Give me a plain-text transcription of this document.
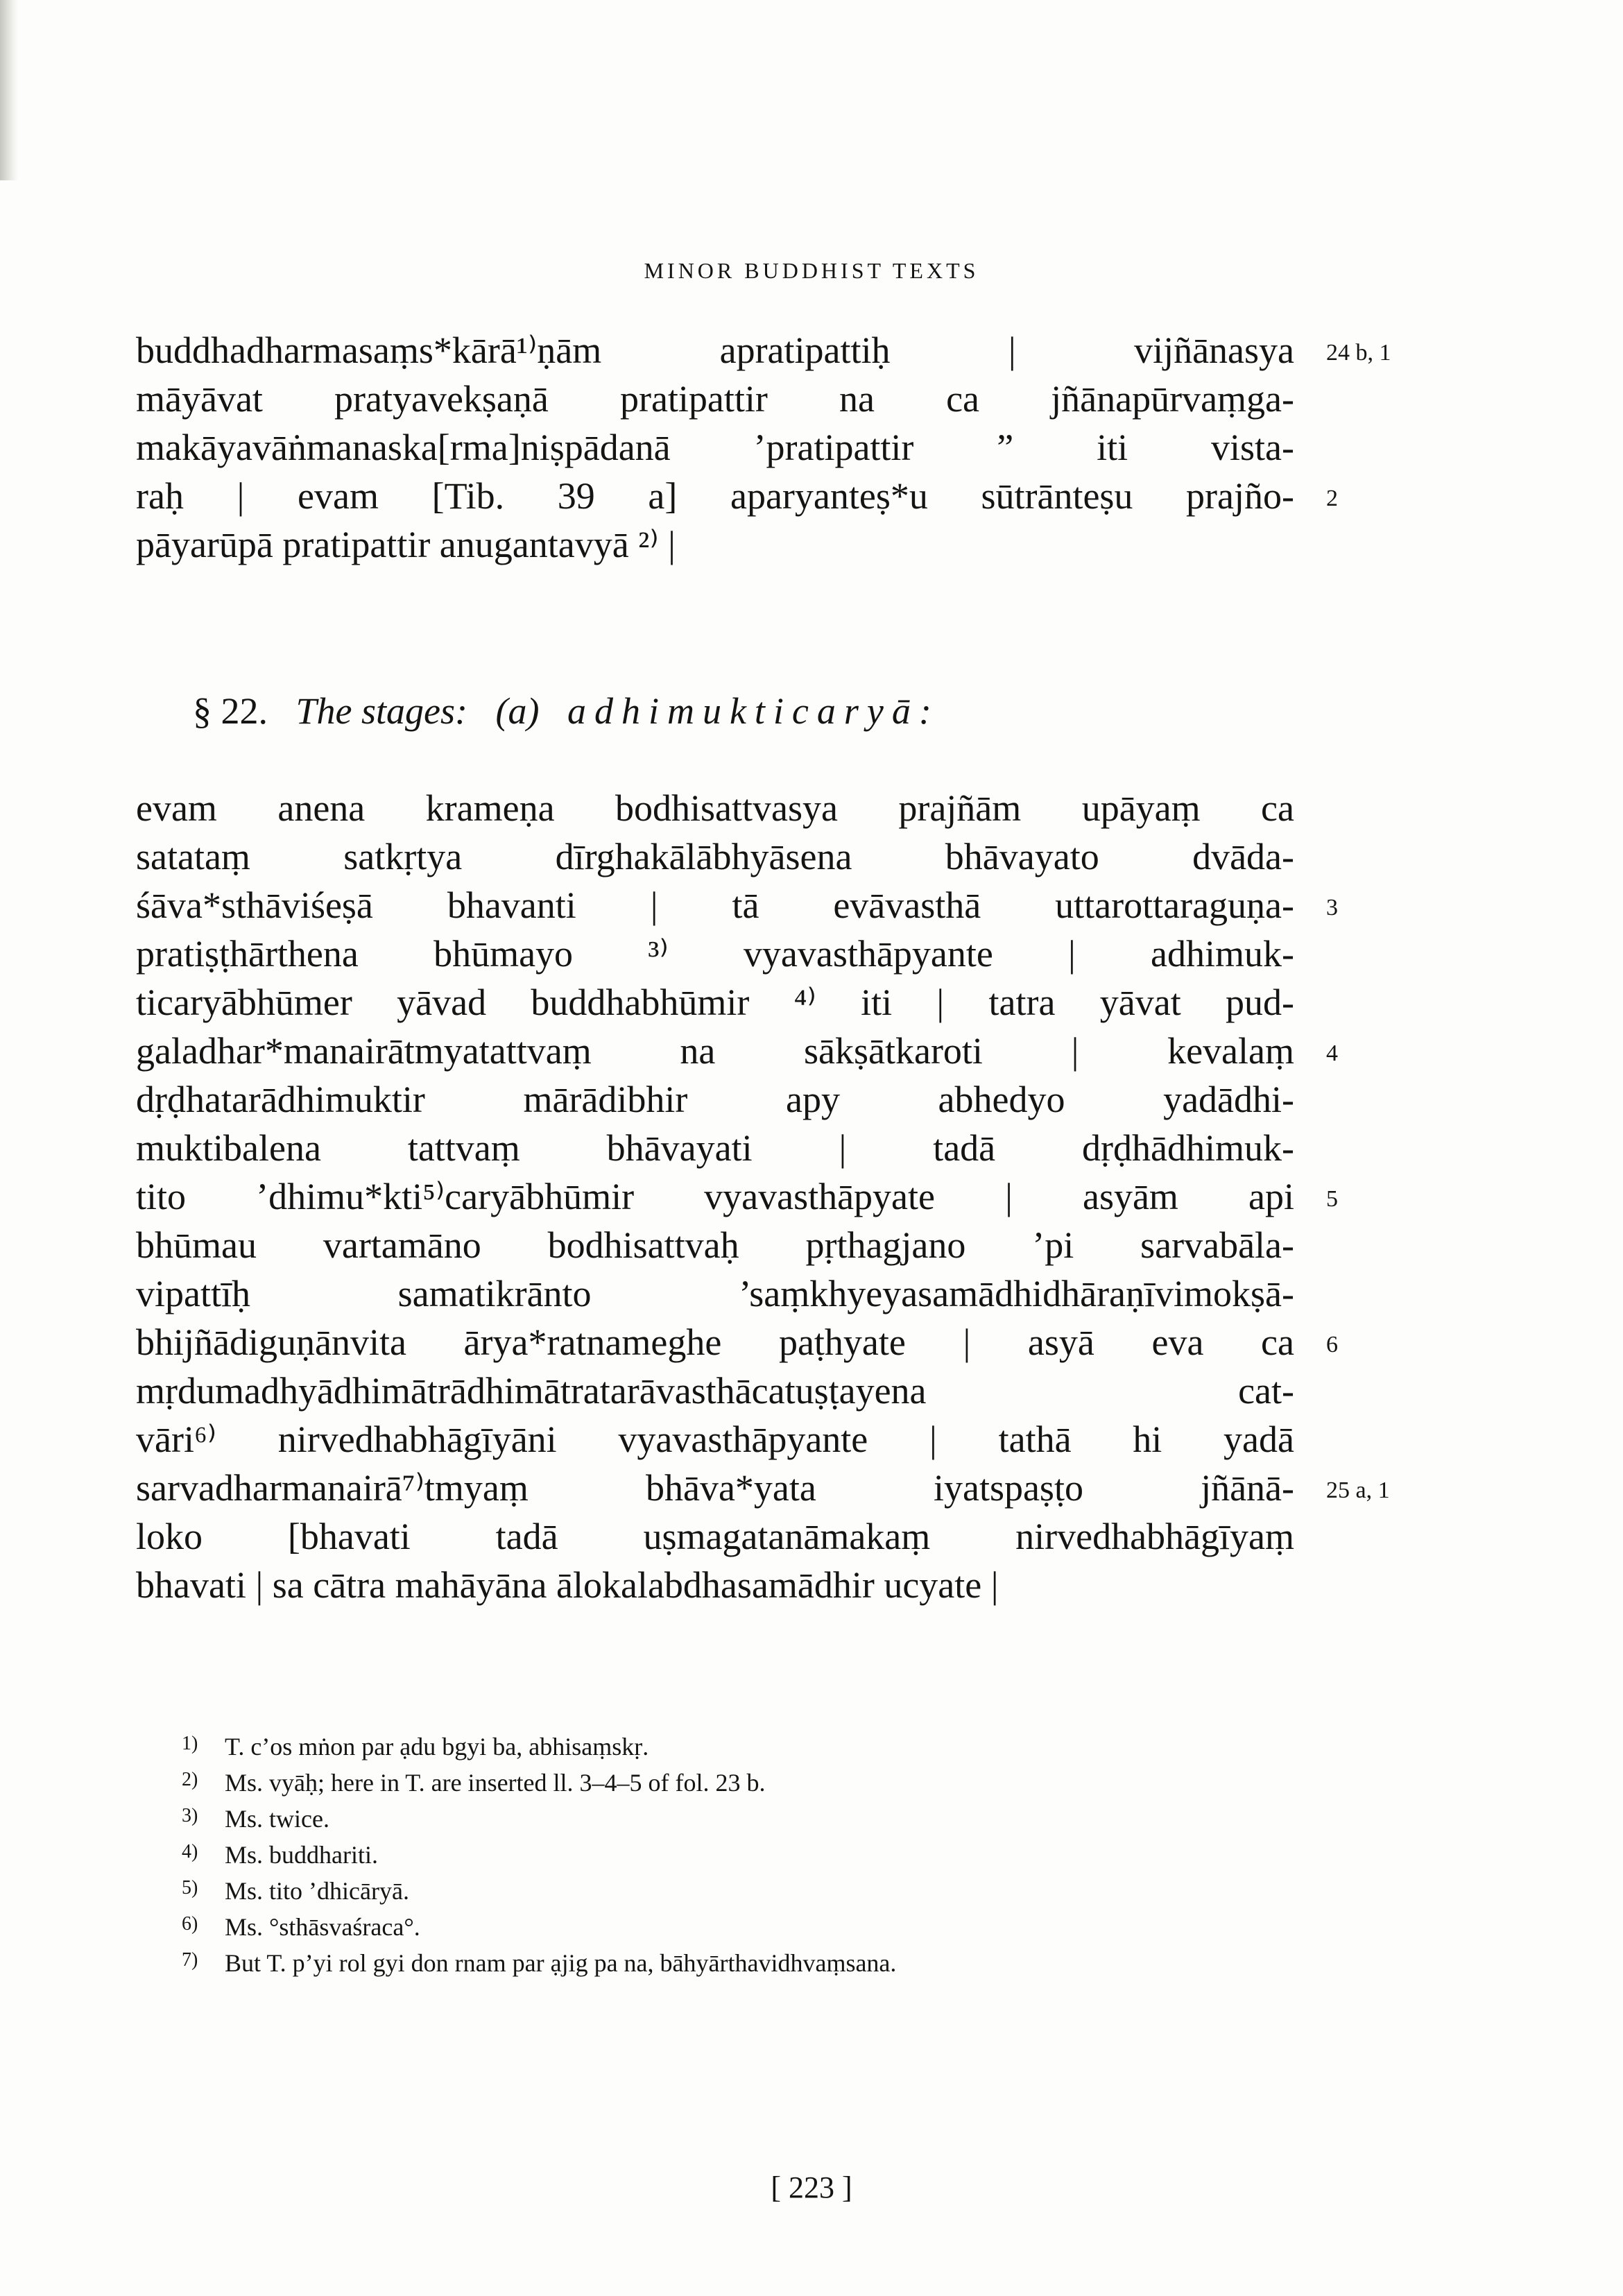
MINOR BUDDHIST TEXTS
buddhadharmasaṃs*kārā¹⁾ṇām apratipattiḥ | vijñānasya
māyāvat pratyavekṣaṇā pratipattir na ca jñānapūrvaṃga-
makāyavāṅmanaska[rma]niṣpādanā ’pratipattir ” iti vista-
raḥ | evam [Tib. 39 a] aparyanteṣ*u sūtrānteṣu prajño-
pāyarūpā pratipattir anugantavyā ²⁾ |
§ 22. The stages: (a) adhimukticaryā:
evam anena krameṇa bodhisattvasya prajñām upāyaṃ ca
satataṃ satkṛtya dīrghakālābhyāsena bhāvayato dvāda-
śāva*sthāviśeṣā bhavanti | tā evāvasthā uttarottaraguṇa-
pratiṣṭhārthena bhūmayo ³⁾ vyavasthāpyante | adhimuk-
ticaryābhūmer yāvad buddhabhūmir ⁴⁾ iti | tatra yāvat pud-
galadhar*manairātmyatattvaṃ na sākṣātkaroti | kevalaṃ
dṛḍhatarādhimuktir mārādibhir apy abhedyo yadādhi-
muktibalena tattvaṃ bhāvayati | tadā dṛḍhādhimuk-
tito ’dhimu*kti⁵⁾caryābhūmir vyavasthāpyate | asyām api
bhūmau vartamāno bodhisattvaḥ pṛthagjano ’pi sarvabāla-
vipattīḥ samatikrānto ’saṃkhyeyasamādhidhāraṇīvimokṣā-
bhijñādiguṇānvita ārya*ratnameghe paṭhyate | asyā eva ca
mṛdumadhyādhimātrādhimātratarāvasthācatuṣṭayena cat-
vāri⁶⁾ nirvedhabhāgīyāni vyavasthāpyante | tathā hi yadā
sarvadharmanairā⁷⁾tmyaṃ bhāva*yata iyatspaṣṭo jñānā-
loko [bhavati tadā uṣmagatanāmakaṃ nirvedhabhāgīyaṃ
bhavati | sa cātra mahāyāna ālokalabdhasamādhir ucyate |
24 b, 1
2
3
4
5
6
25 a, 1
1) T. c’os mṅon par ạdu bgyi ba, abhisaṃskṛ.
2) Ms. vyāḥ; here in T. are inserted ll. 3–4–5 of fol. 23 b.
3) Ms. twice.
4) Ms. buddhariti.
5) Ms. tito ’dhicāryā.
6) Ms. °sthāsvaśraca°.
7) But T. p’yi rol gyi don rnam par ạjig pa na, bāhyārthavidhvaṃsana.
[ 223 ]
